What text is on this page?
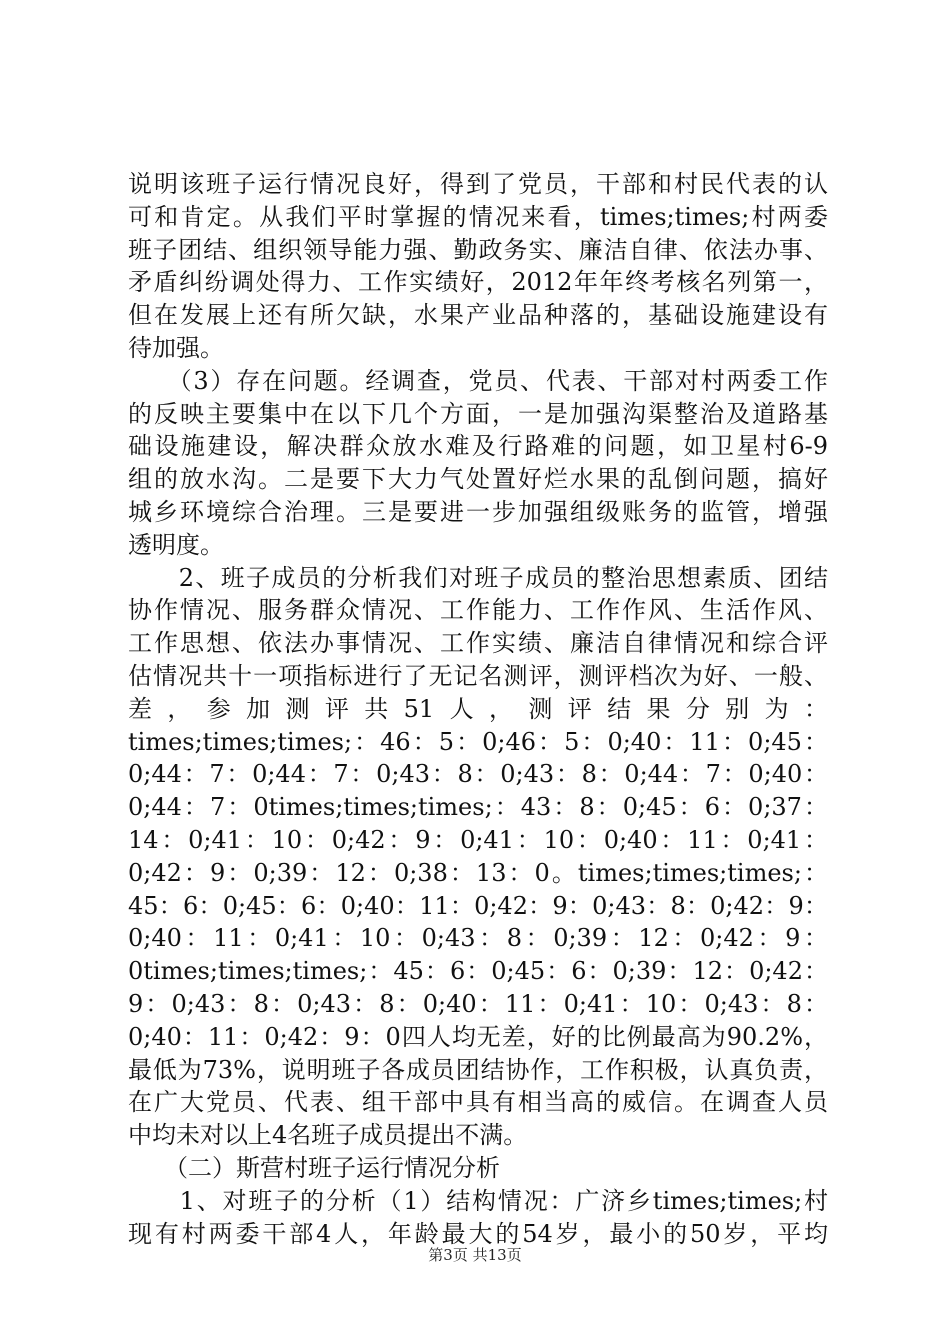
说明该班子运行情况良好，得到了党员，干部和村民代表的认
可和肯定。从我们平时掌握的情况来看，times;times;村两委
班子团结、组织领导能力强、勤政务实、廉洁自律、依法办事、
矛盾纠纷调处得力、工作实绩好，2012年年终考核名列第一，
但在发展上还有所欠缺，水果产业品种落的，基础设施建设有
待加强。
　　（3）存在问题。经调查，党员、代表、干部对村两委工作
的反映主要集中在以下几个方面，一是加强沟渠整治及道路基
础设施建设，解决群众放水难及行路难的问题，如卫星村6-9
组的放水沟。二是要下大力气处置好烂水果的乱倒问题，搞好
城乡环境综合治理。三是要进一步加强组级账务的监管，增强
透明度。
　　2、班子成员的分析我们对班子成员的整治思想素质、团结
协作情况、服务群众情况、工作能力、工作作风、生活作风、
工作思想、依法办事情况、工作实绩、廉洁自律情况和综合评
估情况共十一项指标进行了无记名测评，测评档次为好、一般、
差，参加测评共51人，测评结果分别为：
times;times;times;：46：5：0;46：5：0;40：11：0;45：
0;44：7：0;44：7：0;43：8：0;43：8：0;44：7：0;40：
0;44：7：0times;times;times;：43：8：0;45：6：0;37：
14：0;41：10：0;42：9：0;41：10：0;40：11：0;41：
0;42：9：0;39：12：0;38：13：0。times;times;times;：
45：6：0;45：6：0;40：11：0;42：9：0;43：8：0;42：9：
0;40：11：0;41：10：0;43：8：0;39：12：0;42：9：
0times;times;times;：45：6：0;45：6：0;39：12：0;42：
9：0;43：8：0;43：8：0;40：11：0;41：10：0;43：8：
0;40：11：0;42：9：0四人均无差，好的比例最高为90.2%，
最低为73%，说明班子各成员团结协作，工作积极，认真负责，
在广大党员、代表、组干部中具有相当高的威信。在调查人员
中均未对以上4名班子成员提出不满。
　　（二）斯营村班子运行情况分析
　　1、对班子的分析（1）结构情况：广济乡times;times;村
现有村两委干部4人，年龄最大的54岁，最小的50岁，平均
第3页 共13页
